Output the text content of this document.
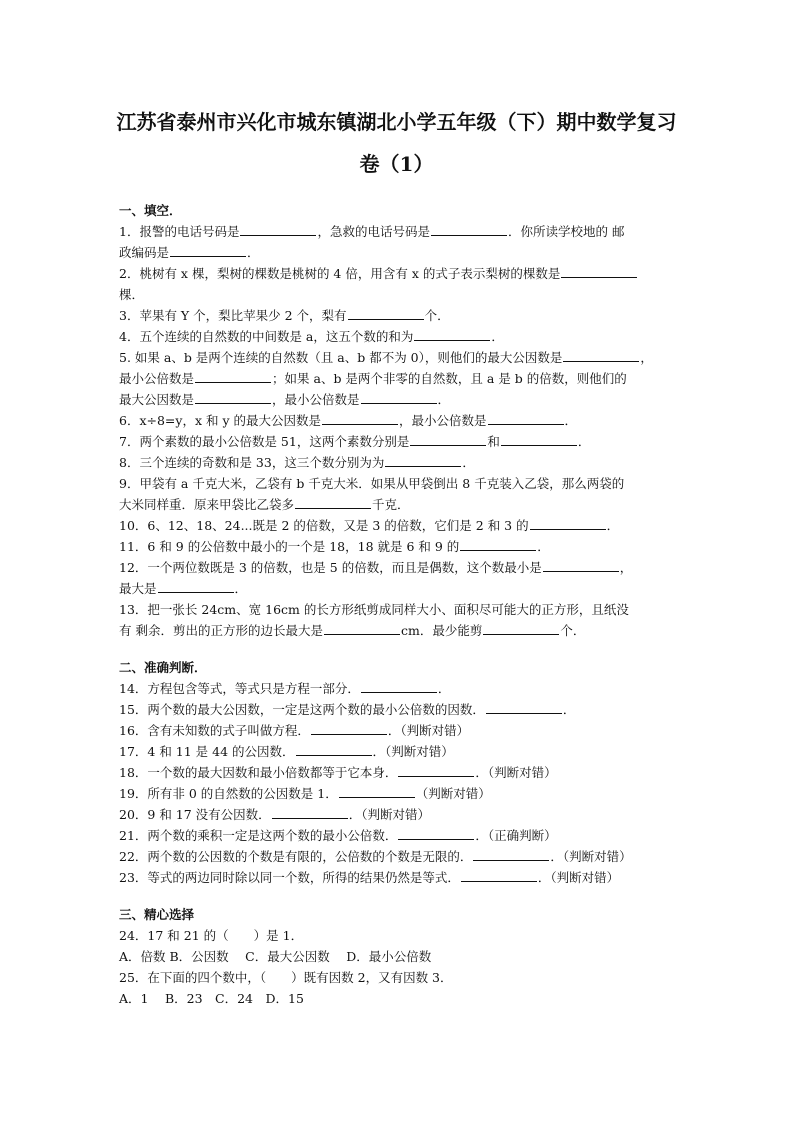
江苏省泰州市兴化市城东镇湖北小学五年级（下）期中数学复习
卷（1）
一、填空．
1．报警的电话号码是	，急救的电话号码是	．你所读学校地的 邮
政编码是	．
2．桃树有 x 棵，梨树的棵数是桃树的 4 倍，用含有 x 的式子表示梨树的棵数是
棵．
3．苹果有 Y 个，梨比苹果少 2 个，梨有	个．
4．五个连续的自然数的中间数是 a，这五个数的和为	．
5. 如果 a、b 是两个连续的自然数（且 a、b 都不为 0），则他们的最大公因数是	，
最小公倍数是	；如果 a、b 是两个非零的自然数，且 a 是 b 的倍数，则他们的
最大公因数是	，最小公倍数是	．
6．x÷8=y，x 和 y 的最大公因数是	，最小公倍数是	．
7．两个素数的最小公倍数是 51，这两个素数分别是	和	．
8．三个连续的奇数和是 33，这三个数分别为为	．
9．甲袋有 a 千克大米，乙袋有 b 千克大米．如果从甲袋倒出 8 千克装入乙袋，那么两袋的
大米同样重．原来甲袋比乙袋多	千克．
10．6、12、18、24...既是 2 的倍数，又是 3 的倍数，它们是 2 和 3 的	．
11．6 和 9 的公倍数中最小的一个是 18，18 就是 6 和 9 的	．
12．一个两位数既是 3 的倍数，也是 5 的倍数，而且是偶数，这个数最小是	，
最大是	．
13．把一张长 24cm、宽 16cm 的长方形纸剪成同样大小、面积尽可能大的正方形，且纸没
有 剩余．剪出的正方形的边长最大是	cm．最少能剪	个．
二、准确判断．
14．方程包含等式，等式只是方程一部分．	．
15．两个数的最大公因数，一定是这两个数的最小公倍数的因数．	．
16．含有未知数的式子叫做方程．	．（判断对错）
17．4 和 11 是 44 的公因数．	．（判断对错）
18．一个数的最大因数和最小倍数都等于它本身．	．（判断对错）
19．所有非 0 的自然数的公因数是 1．	（判断对错）
20．9 和 17 没有公因数．	．（判断对错）
21．两个数的乘积一定是这两个数的最小公倍数．	．（正确判断）
22．两个数的公因数的个数是有限的，公倍数的个数是无限的．	．（判断对错）
23．等式的两边同时除以同一个数，所得的结果仍然是等式．	．（判断对错）
三、精心选择
24．17 和 21 的（　　）是 1．
A．倍数 B．公因数　 C．最大公因数　 D．最小公倍数
25．在下面的四个数中，（　　）既有因数 2，又有因数 3．
A．1　 B．23　C．24　D．15
